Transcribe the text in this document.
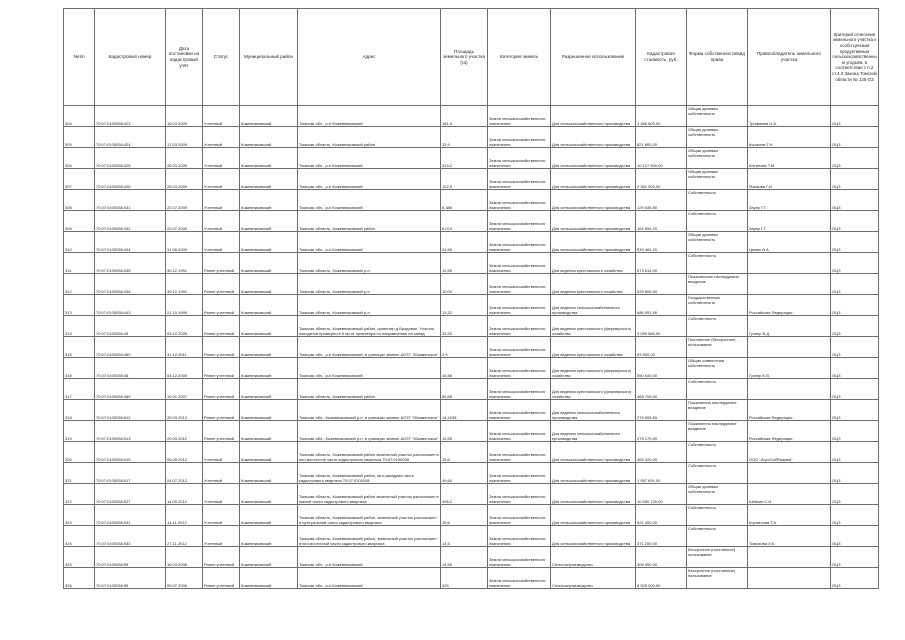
№п/п	Кадастровый номер	Дата постановки на кадастровый учёт	Статус	Муниципальный район	Адрес	Площадь земельного участка (га)	Категория земель	Разрешенное использование	Кадастровая стоимость, руб.	Форма собственности/вид права	Правообладатель земельного участка	Критерий отнесения земельного участка к особо ценным продуктивным сельскохозяйственным угодьям, в соответствии с п.2 ст.4.3 Закона Томской области № 135-ОЗ
304	70:07:0100038:423	16.03.2009	Учтенный	Кожевниковский	Томская обл., р-н Кожевниковский	181,9	Земли сельскохозяйственного назначения	Для сельскохозяйственного производства	4 456 600,00	Общая долевая собственность	Трофимов Н.А.	ОЦЗ
305	70:07:0100038:424	17.03.2009	Учтенный	Кожевниковский	Томская область, Кожевниковский район	33,9	Земли сельскохозяйственного назначения	Для сельскохозяйственного производства	821 800,00	Общая долевая собственность	Кошелев Г.Н.	ОЦЗ
306	70:07:0100038:425	26.03.2009	Учтенный	Кожевниковский	Томская обл., р-н Кожевниковский	413,2	Земли сельскохозяйственного назначения	Для сельскохозяйственного производства	10 127 500,00	Общая долевая собственность	Антипова Т.М.	ОЦЗ
307	70:07:0100038:426	28.03.2009	Учтенный	Кожевниковский	Томская обл., р-н Кожевниковский	102,5	Земли сельскохозяйственного назначения	Для сельскохозяйственного производства	2 381 500,00	Общая долевая собственность	Языкова Г.И.	ОЦЗ
308	70:07:0100038:431	22.07.2009	Учтенный	Кожевниковский	Томская обл., р-н Кожевниковский	6,386	Земли сельскохозяйственного назначения	Для сельскохозяйственного производства	129 635,80	Собственность	Зауэр Г.Г.	ОЦЗ
309	70:07:0100038:432	22.07.2009	Учтенный	Кожевниковский	Томская область, Кожевниковский район	6,074	Земли сельскохозяйственного назначения	Для сельскохозяйственного производства	162 654,20	Собственность	Зауэр Г.Г.	ОЦЗ
310	70:07:0100038:434	31.08.2009	Учтенный	Кожевниковский	Томская обл., р-н Кожевниковский	24,69	Земли сельскохозяйственного назначения	Для сельскохозяйственного производства	633 464,20	Общая долевая собственность	Цемах В.А.	ОЦЗ
311	70:07:0100038:435	30.12.1991	Ранее учтенный	Кожевниковский	Томская область, Кожевниковский р-н	12,69	Земли сельскохозяйственного назначения	Для ведения крестьянского хозяйства	673 614,00	Собственность		ОЦЗ
312	70:07:0100038:438	30.12.1991	Ранее учтенный	Кожевниковский	Томская область, Кожевниковский р-н	10,00	Земли сельскохозяйственного назначения	Для ведения крестьянского хозяйства	529 808,00	Пожизненное наследуемое владение		ОЦЗ
313	70:07:0100038:443	21.10.1999	Ранее учтенный	Кожевниковский	Томская область, Кожевниковский р-н	13,32	Земли сельскохозяйственного назначения	Для ведения сельскохозяйственного производства	686 951,59	Государственная собственность	Российская Федерация	ОЦЗ
314	70:07:0100038:45	05.12.2005	Ранее учтенный	Кожевниковский	Томская область, Кожевниковский район, ориентир д.Бродовое, Участок находится примерно в 6 км от ориентира по направлению на запад	33,33	Земли сельскохозяйственного назначения	Для ведения крестьянского (фермерского) хозяйства	3 099 560,00	Собственность	Гузнер В.Д.	ОЦЗ
315	70:07:0100038:460	31.12.2011	Ранее учтенный	Кожевниковский	Томская обл., р-н Кожевниковский, в границах земель АОЗТ "Юкаменское"	2,5	Земли сельскохозяйственного назначения	Для ведения крестьянского хозяйства	53 500,00	Постоянное (бессрочное) пользование		ОЦЗ
316	70:07:0100038:48	05.12.2005	Ранее учтенный	Кожевниковский	Томская обл., р-н Кожевниковский	16,58	Земли сельскохозяйственного назначения	Для ведения крестьянского (фермерского) хозяйства	550 640,00	Общая совместная собственность	Гузнер Е.В.	ОЦЗ
317	70:07:0100038:489	19.01.2007	Ранее учтенный	Кожевниковский	Томская область, Кожевниковский район	56,68	Земли сельскохозяйственного назначения	Для ведения крестьянского (фермерского) хозяйства	468 708,00	Собственность		ОЦЗ
318	70:07:0100038:512	20.03.2012	Ранее учтенный	Кожевниковский	Томская обл., Кожевниковский р-н, в границах земель АОЗТ "Юкаменское"	14,4238	Земли сельскохозяйственного назначения	Для ведения сельскохозяйственного производства	276 505,83	Пожизненно наследуемое владение	Российская Федерация	ОЦЗ
319	70:07:0100038:513	20.03.2012	Ранее учтенный	Кожевниковский	Томская обл., Кожевниковский р-н, в границах земель АОЗТ "Юкаменское"	15,55	Земли сельскохозяйственного назначения	Для ведения сельскохозяйственного производства	279 170,00	Пожизненно наследуемое владение	Российская Федерация	ОЦЗ
320	70:07:0100038:515	06.05.2012	Учтенный	Кожевниковский	Томская область, Кожевниковский район земельный участок расположен в юго-восточной части кадастрового квартала 70:07:0100038	15,6	Земли сельскохозяйственного назначения	Для сельскохозяйственного производства	465 320,00	Собственность	ООО "АгроСибРыжики"	ОЦЗ
321	70:07:0100038:517	04.07.2012	Учтенный	Кожевниковский	Томская область, Кожевниковский район, юго-западная часть кадастрового квартала 70:07:0100038	49,64	Земли сельскохозяйственного назначения	Для сельскохозяйственного производства	1 087 691,00	Собственность		ОЦЗ
322	70:07:0100038:527	14.09.2012	Учтенный	Кожевниковский	Томская область, Кожевниковский район земельный участок расположен в южной части кадастрового квартала	406,2	Земли сельскохозяйственного назначения	Для сельскохозяйственного производства	10 650 720,00	Общая долевая собственность	Шейкин С.И.	ОЦЗ
323	70:07:0100038:531	14.11.2012	Учтенный	Кожевниковский	Томская область, Кожевниковский район, земельный участок расположен в центральной части кадастрового квартала	15,6	Земли сельскохозяйственного назначения	Для сельскохозяйственного производства	521 400,00	Собственность	Корнилова Т.А.	ОЦЗ
324	70:07:0100038:532	27.11.2012	Учтенный	Кожевниковский	Томская область, Кожевниковский район, земельный участок расположен в юго-восточной части кадастрового квартала	14,5	Земли сельскохозяйственного назначения	Для сельскохозяйственного производства	371 200,00	Собственность	Тимохова З.Б.	ОЦЗ
325	70:07:0100038:55	16.03.2006	Ранее учтенный	Кожевниковский	Томская обл., р-н Кожевниковский	14,55	Земли сельскохозяйственного назначения	Сельхозпроизводство	305 550,00	Бессрочное (постоянное) пользование		ОЦЗ
326	70:07:0100038:56	09.07.2006	Ранее учтенный	Кожевниковский	Томская обл., р-н Кожевниковский	425	Земли сельскохозяйственного назначения	Сельхозпроизводство	8 925 000,00	Бессрочное (постоянное) пользование		ОЦЗ
